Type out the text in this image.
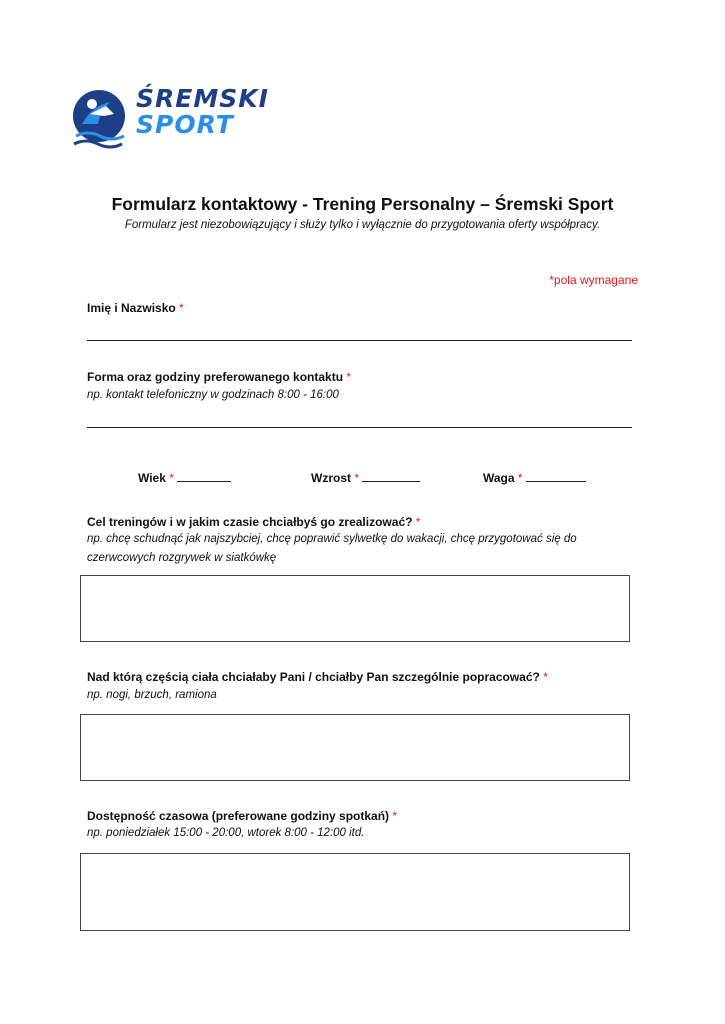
ŚREMSKI
SPORT
Formularz kontaktowy - Trening Personalny – Śremski Sport
Formularz jest niezobowiązujący i służy tylko i wyłącznie do przygotowania oferty współpracy.
*pola wymagane
Imię i Nazwisko *
Forma oraz godziny preferowanego kontaktu *
np. kontakt telefoniczny w godzinach 8:00 - 16:00
Wiek *	Wzrost *	Waga *
Cel treningów i w jakim czasie chciałbyś go zrealizować? *
np. chcę schudnąć jak najszybciej, chcę poprawić sylwetkę do wakacji, chcę przygotować się do czerwcowych rozgrywek w siatkówkę
Nad którą częścią ciała chciałaby Pani / chciałby Pan szczególnie popracować? *
np. nogi, brzuch, ramiona
Dostępność czasowa (preferowane godziny spotkań) *
np. poniedziałek 15:00 - 20:00, wtorek 8:00 - 12:00 itd.
